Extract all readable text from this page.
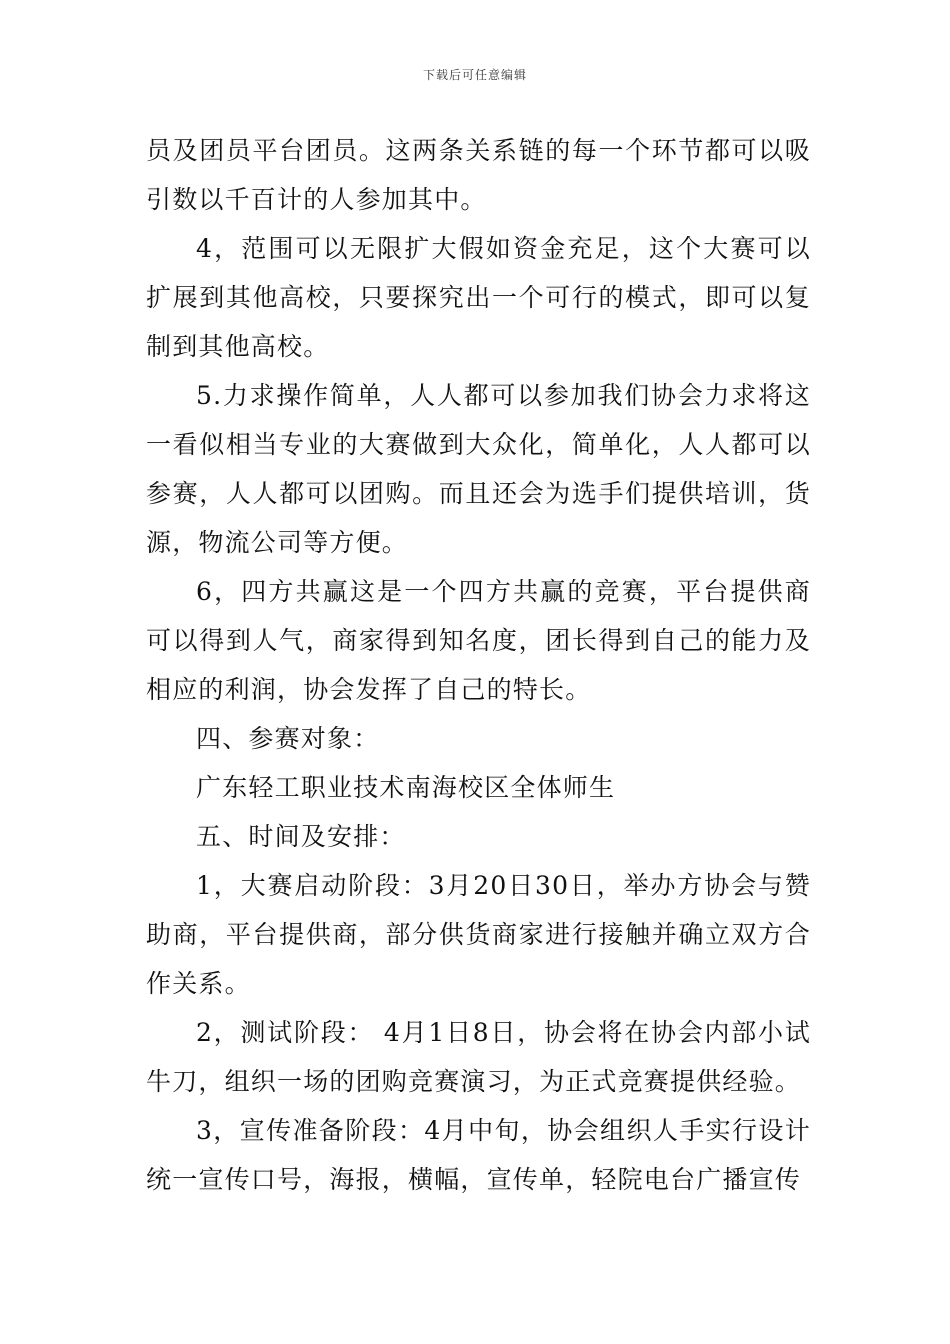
下载后可任意编辑

员及团员平台团员。这两条关系链的每一个环节都可以吸引数以千百计的人参加其中。

4，范围可以无限扩大假如资金充足，这个大赛可以扩展到其他高校，只要探究出一个可行的模式，即可以复制到其他高校。

5.力求操作简单，人人都可以参加我们协会力求将这一看似相当专业的大赛做到大众化，简单化，人人都可以参赛，人人都可以团购。而且还会为选手们提供培训，货源，物流公司等方便。

6，四方共赢这是一个四方共赢的竞赛，平台提供商可以得到人气，商家得到知名度，团长得到自己的能力及相应的利润，协会发挥了自己的特长。

四、参赛对象：

广东轻工职业技术南海校区全体师生

五、时间及安排：

1，大赛启动阶段：3月20日30日，举办方协会与赞助商，平台提供商，部分供货商家进行接触并确立双方合作关系。

2，测试阶段： 4月1日8日，协会将在协会内部小试牛刀，组织一场的团购竞赛演习，为正式竞赛提供经验。

3，宣传准备阶段：4月中旬，协会组织人手实行设计统一宣传口号，海报，横幅，宣传单，轻院电台广播宣传
